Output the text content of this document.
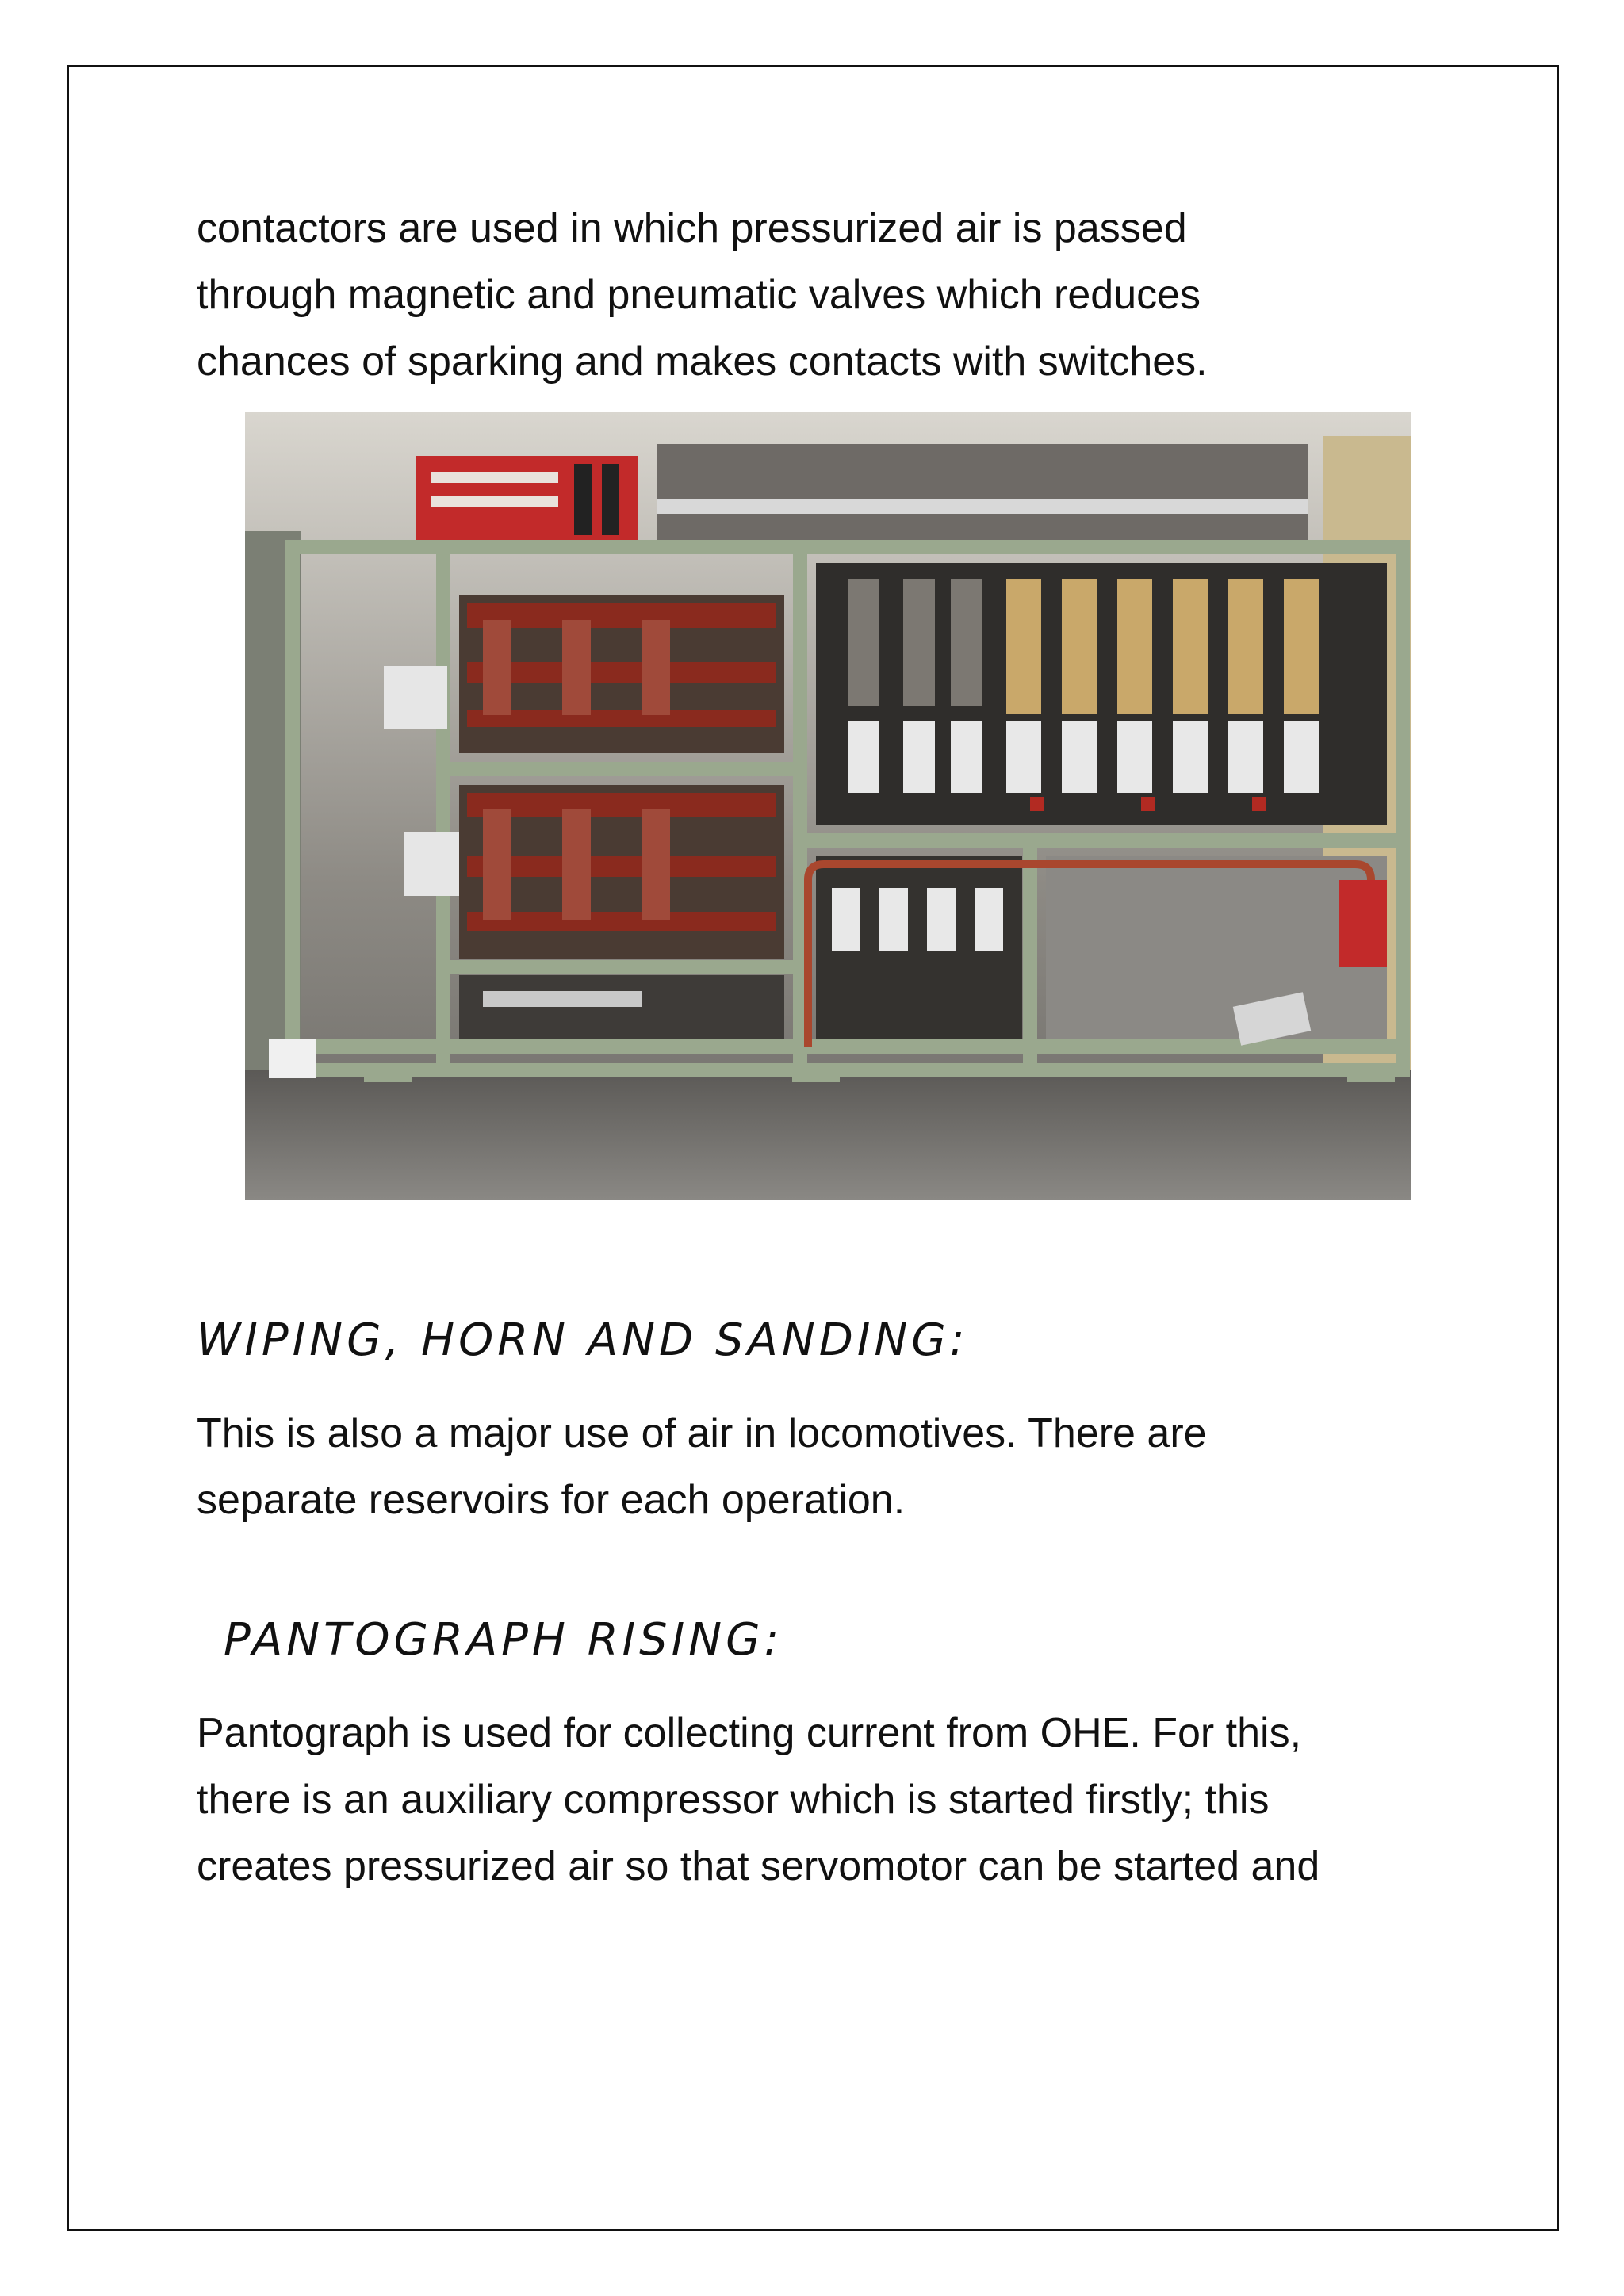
contactors are used in which pressurized air is passed
through magnetic and pneumatic valves which reduces
chances of sparking and makes contacts with switches.
WIPING, HORN AND SANDING:
This is also a major use of air in locomotives. There are
separate reservoirs for each operation.
PANTOGRAPH RISING:
Pantograph is used for collecting current from OHE. For this,
there is an auxiliary compressor which is started firstly; this
creates pressurized air so that servomotor can be started and
